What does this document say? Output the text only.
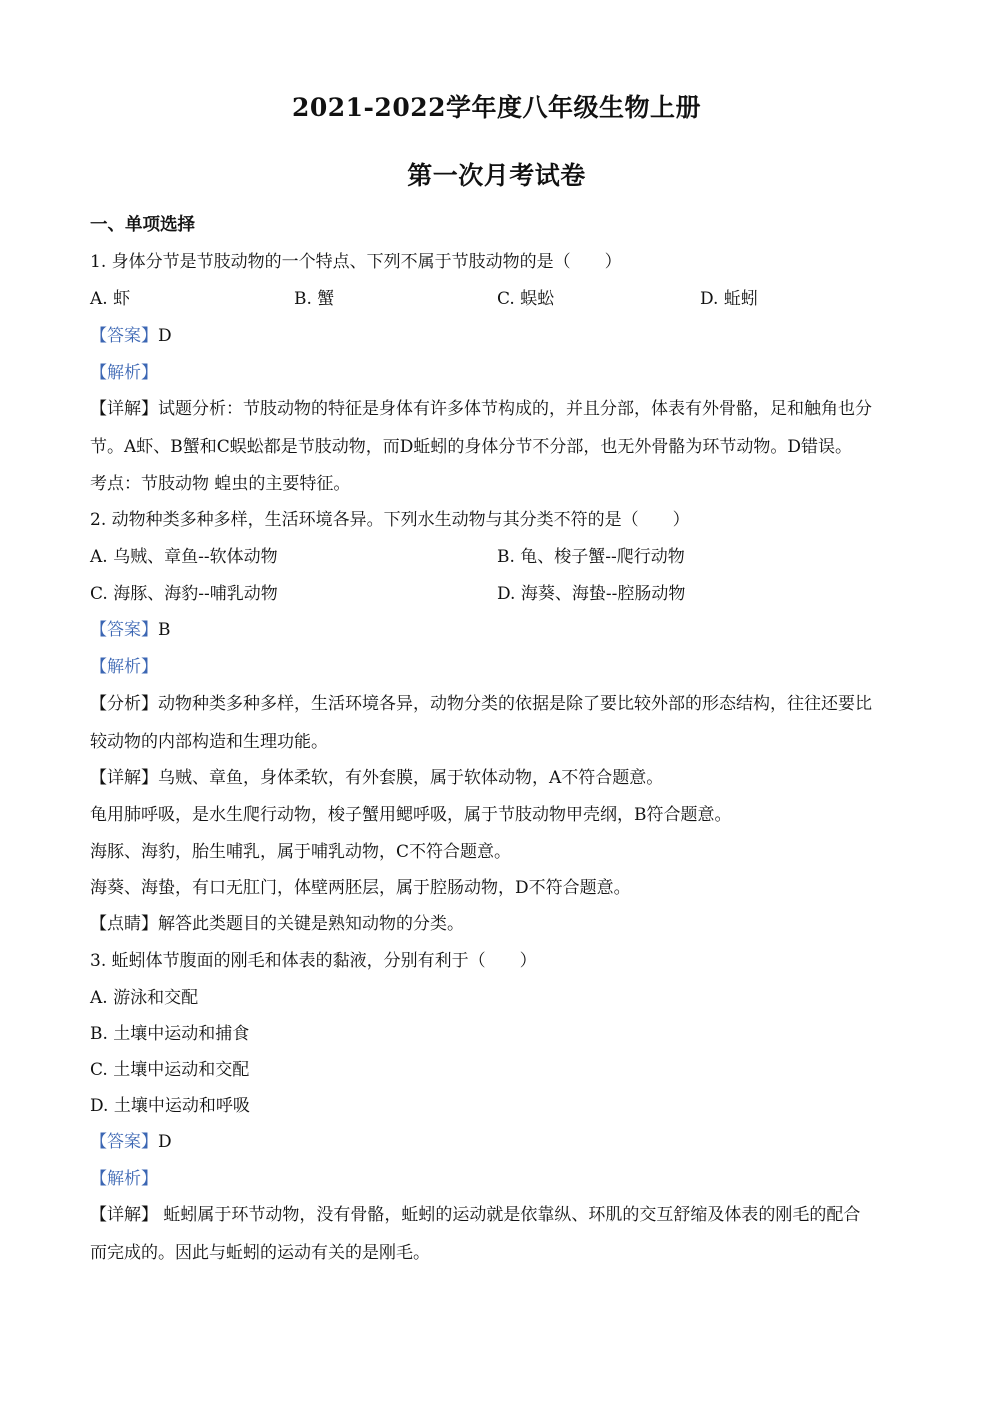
2021-2022学年度八年级生物上册
第一次月考试卷
一、单项选择
1. 身体分节是节肢动物的一个特点、下列不属于节肢动物的是（　　）
A. 虾	B. 蟹	C. 蜈蚣	D. 蚯蚓
【答案】D
【解析】
【详解】试题分析：节肢动物的特征是身体有许多体节构成的，并且分部，体表有外骨骼，足和触角也分
节。A虾、B蟹和C蜈蚣都是节肢动物，而D蚯蚓的身体分节不分部，也无外骨骼为环节动物。D错误。
考点：节肢动物 蝗虫的主要特征。
2. 动物种类多种多样，生活环境各异。下列水生动物与其分类不符的是（　　）
A. 乌贼、章鱼--软体动物	B. 龟、梭子蟹--爬行动物
C. 海豚、海豹--哺乳动物	D. 海葵、海蛰--腔肠动物
【答案】B
【解析】
【分析】动物种类多种多样，生活环境各异，动物分类的依据是除了要比较外部的形态结构，往往还要比
较动物的内部构造和生理功能。
【详解】乌贼、章鱼，身体柔软，有外套膜，属于软体动物，A不符合题意。
龟用肺呼吸，是水生爬行动物，梭子蟹用鳃呼吸，属于节肢动物甲壳纲，B符合题意。
海豚、海豹，胎生哺乳，属于哺乳动物，C不符合题意。
海葵、海蛰，有口无肛门，体壁两胚层，属于腔肠动物，D不符合题意。
【点睛】解答此类题目的关键是熟知动物的分类。
3. 蚯蚓体节腹面的刚毛和体表的黏液，分别有利于（　　）
A. 游泳和交配
B. 土壤中运动和捕食
C. 土壤中运动和交配
D. 土壤中运动和呼吸
【答案】D
【解析】
【详解】 蚯蚓属于环节动物，没有骨骼，蚯蚓的运动就是依靠纵、环肌的交互舒缩及体表的刚毛的配合
而完成的。因此与蚯蚓的运动有关的是刚毛。
